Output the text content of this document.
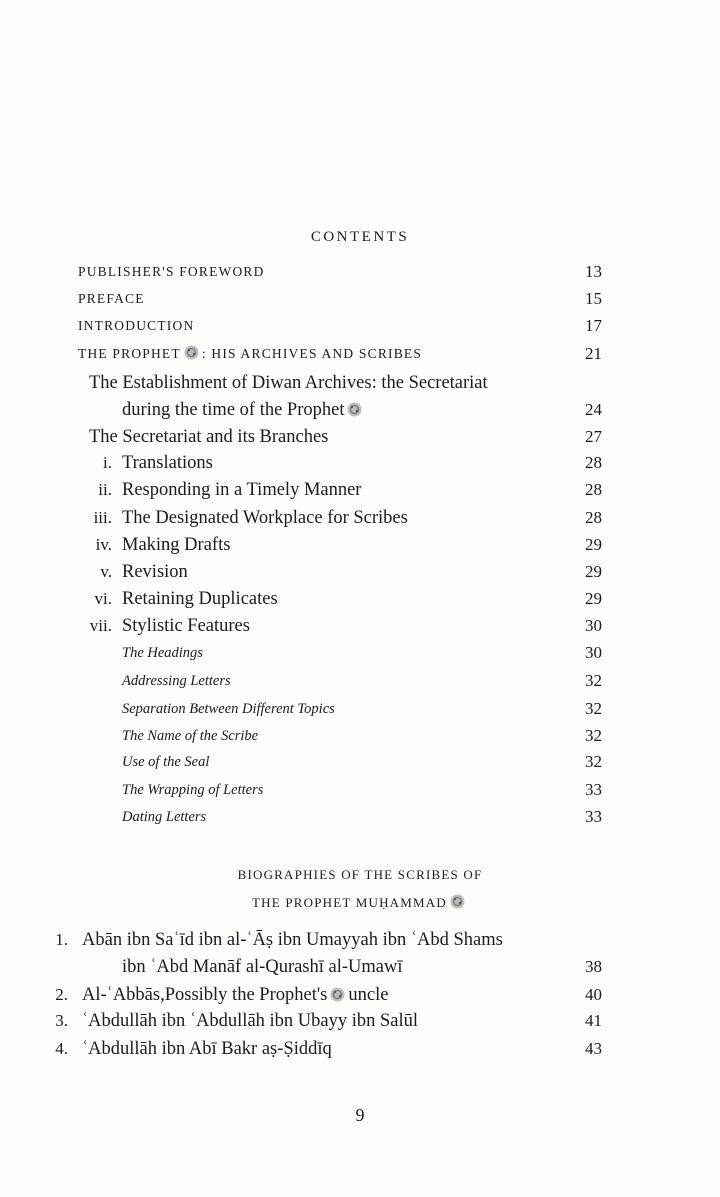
CONTENTS
PUBLISHER'S FOREWORD	13
PREFACE	15
INTRODUCTION	17
THE PROPHET : HIS ARCHIVES AND SCRIBES	21
The Establishment of Diwan Archives: the Secretariat
during the time of the Prophet	24
The Secretariat and its Branches	27
i. Translations	28
ii. Responding in a Timely Manner	28
iii. The Designated Workplace for Scribes	28
iv. Making Drafts	29
v. Revision	29
vi. Retaining Duplicates	29
vii. Stylistic Features	30
The Headings	30
Addressing Letters	32
Separation Between Different Topics	32
The Name of the Scribe	32
Use of the Seal	32
The Wrapping of Letters	33
Dating Letters	33
BIOGRAPHIES OF THE SCRIBES OF
THE PROPHET MUḤAMMAD
1. Abān ibn Saʿīd ibn al-ʿĀṣ ibn Umayyah ibn ʿAbd Shams
ibn ʿAbd Manāf al-Qurashī al-Umawī	38
2. Al-ʿAbbās,Possibly the Prophet's uncle	40
3. ʿAbdullāh ibn ʿAbdullāh ibn Ubayy ibn Salūl	41
4. ʿAbdullāh ibn Abī Bakr aṣ-Ṣiddīq	43
9
